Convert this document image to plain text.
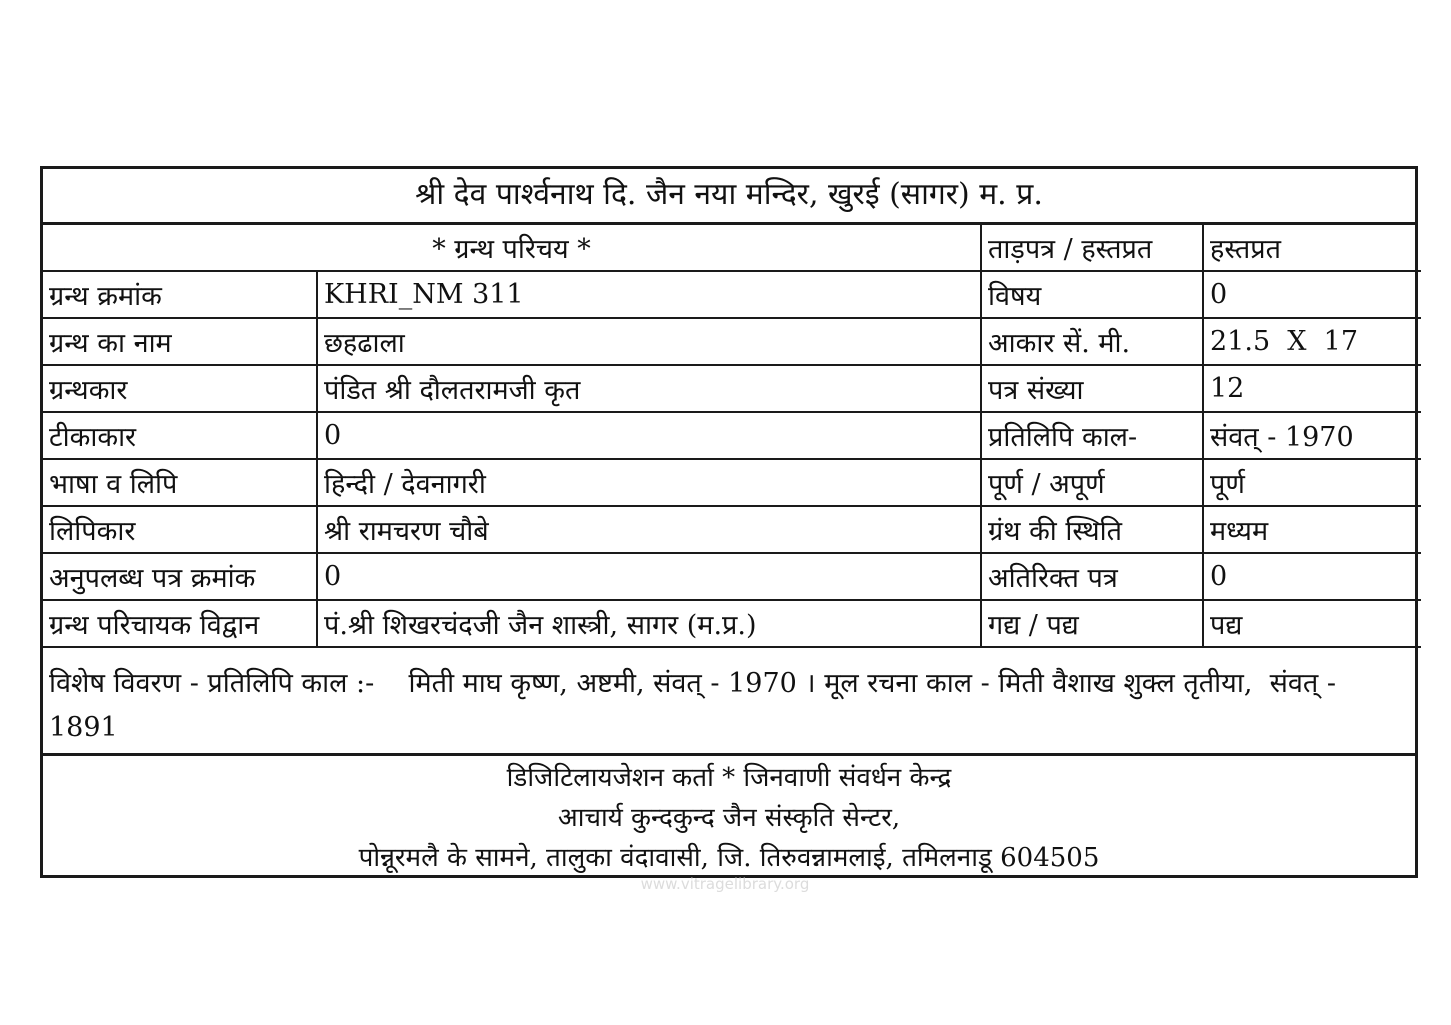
श्री देव पार्श्वनाथ दि. जैन नया मन्दिर, खुरई (सागर) म. प्र.
* ग्रन्थ परिचय *		ताड़पत्र / हस्तप्रत	हस्तप्रत
ग्रन्थ क्रमांक	KHRI_NM 311	विषय	0
ग्रन्थ का नाम	छहढाला	आकार सें. मी.	21.5  X  17
ग्रन्थकार	पंडित श्री दौलतरामजी कृत	पत्र संख्या	12
टीकाकार	0	प्रतिलिपि काल-	संवत् - 1970
भाषा व लिपि	हिन्दी / देवनागरी	पूर्ण / अपूर्ण	पूर्ण
लिपिकार	श्री रामचरण चौबे	ग्रंथ की स्थिति	मध्यम
अनुपलब्ध पत्र क्रमांक	0	अतिरिक्त पत्र	0
ग्रन्थ परिचायक विद्वान	पं.श्री शिखरचंदजी जैन शास्त्री, सागर (म.प्र.)	गद्य / पद्य	पद्य
विशेष विवरण - प्रतिलिपि काल :-    मिती माघ कृष्ण, अष्टमी, संवत् - 1970 । मूल रचना काल - मिती वैशाख शुक्ल तृतीया,  संवत् - 1891
डिजिटिलायजेशन कर्ता * जिनवाणी संवर्धन केन्द्र
आचार्य कुन्दकुन्द जैन संस्कृति सेन्टर,
पोन्नूरमलै के सामने, तालुका वंदावासी, जि. तिरुवन्नामलाई, तमिलनाडू 604505
www.vitragelibrary.org
